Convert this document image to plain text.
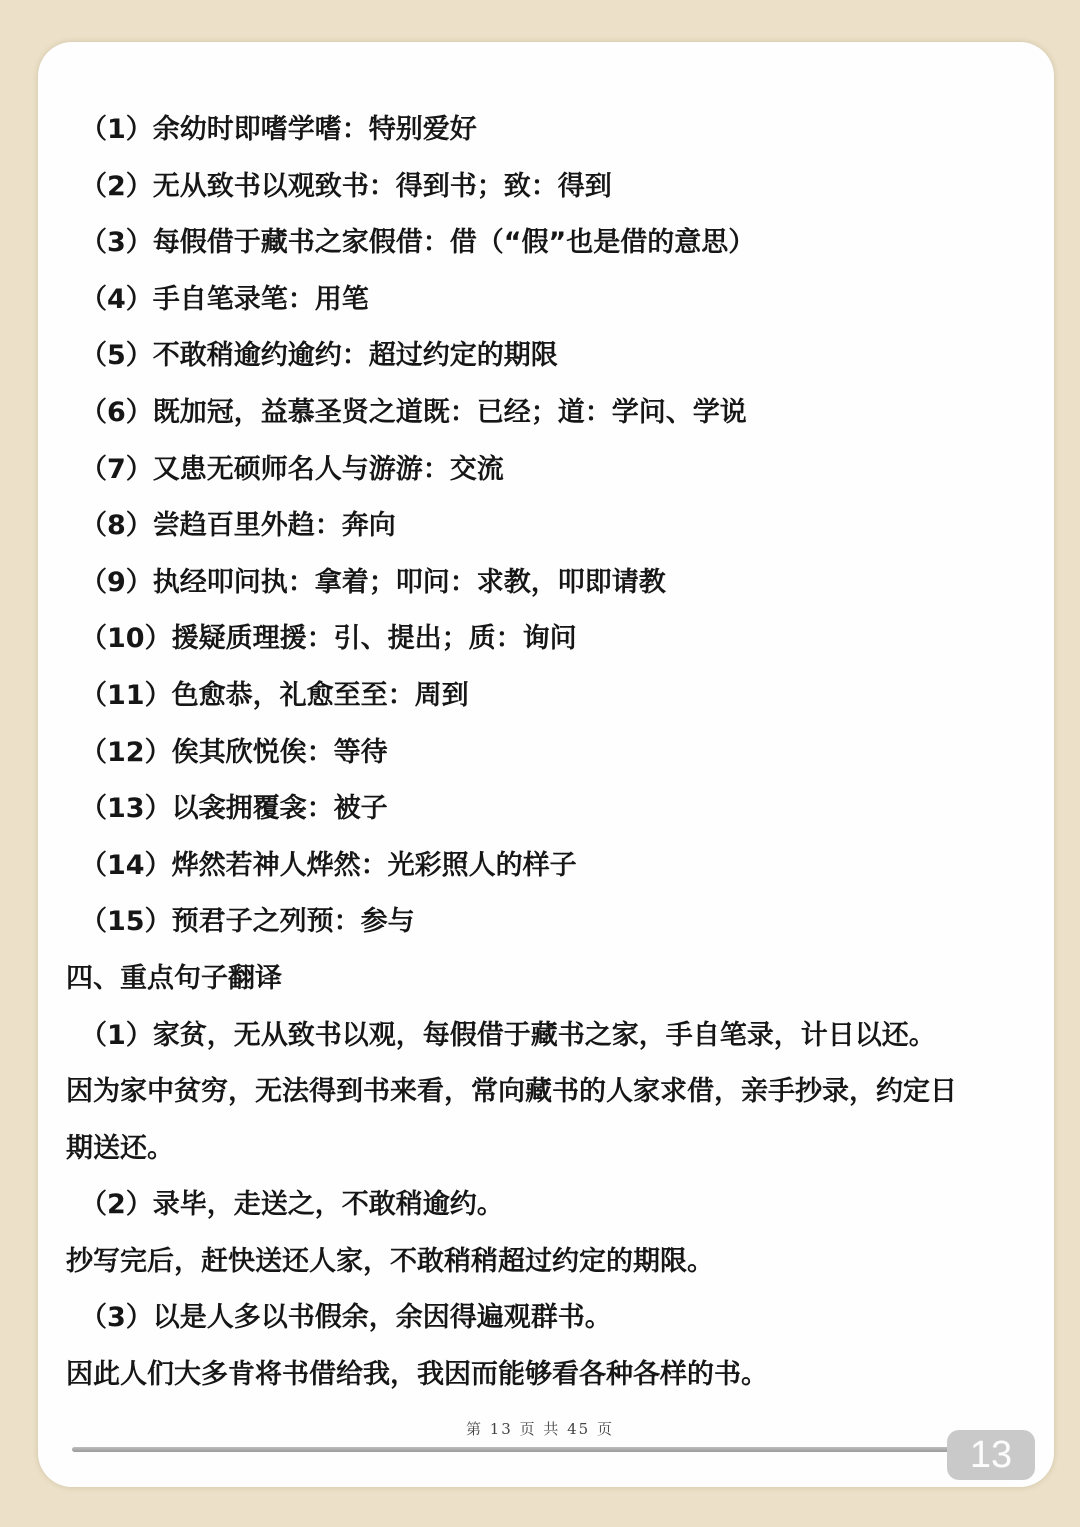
（1）余幼时即嗜学嗜：特别爱好
（2）无从致书以观致书：得到书；致：得到
（3）每假借于藏书之家假借：借（“假”也是借的意思）
（4）手自笔录笔：用笔
（5）不敢稍逾约逾约：超过约定的期限
（6）既加冠，益慕圣贤之道既：已经；道：学问、学说
（7）又患无硕师名人与游游：交流
（8）尝趋百里外趋：奔向
（9）执经叩问执：拿着；叩问：求教，叩即请教
（10）援疑质理援：引、提出；质：询问
（11）色愈恭，礼愈至至：周到
（12）俟其欣悦俟：等待
（13）以衾拥覆衾：被子
（14）烨然若神人烨然：光彩照人的样子
（15）预君子之列预：参与
四、重点句子翻译
（1）家贫，无从致书以观，每假借于藏书之家，手自笔录，计日以还。
因为家中贫穷，无法得到书来看，常向藏书的人家求借，亲手抄录，约定日
期送还。
（2）录毕，走送之，不敢稍逾约。
抄写完后，赶快送还人家，不敢稍稍超过约定的期限。
（3）以是人多以书假余，余因得遍观群书。
因此人们大多肯将书借给我，我因而能够看各种各样的书。
第 13 页 共 45 页
13
